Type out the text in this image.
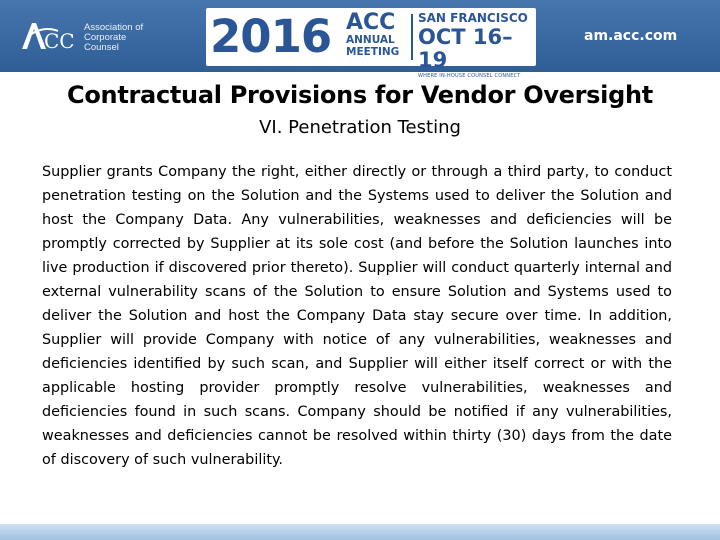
CC
Association of
Corporate Counsel	2016 ACC
ANNUAL
MEETING
SAN FRANCISCO
OCT 16–19
WHERE IN-HOUSE COUNSEL CONNECT
am.acc.com
Contractual Provisions for Vendor Oversight
VI. Penetration Testing

Supplier grants Company the right, either directly or through a third party, to conduct penetration testing on the Solution and the Systems used to deliver the Solution and host the Company Data. Any vulnerabilities, weaknesses and deficiencies will be promptly corrected by Supplier at its sole cost (and before the Solution launches into live production if discovered prior thereto). Supplier will conduct quarterly internal and external vulnerability scans of the Solution to ensure Solution and Systems used to deliver the Solution and host the Company Data stay secure over time. In addition, Supplier will provide Company with notice of any vulnerabilities, weaknesses and deficiencies identified by such scan, and Supplier will either itself correct or with the applicable hosting provider promptly resolve vulnerabilities, weaknesses and deficiencies found in such scans. Company should be notified if any vulnerabilities, weaknesses and deficiencies cannot be resolved within thirty (30) days from the date of discovery of such vulnerability.
